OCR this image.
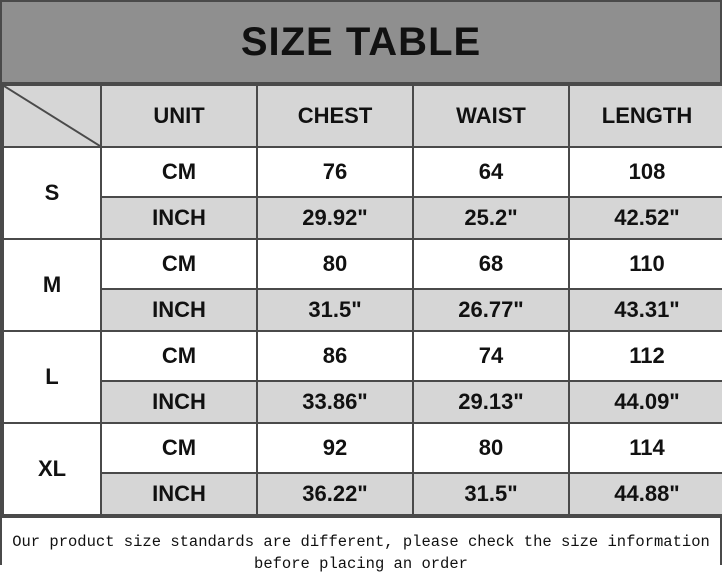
SIZE TABLE
	UNIT	CHEST	WAIST	LENGTH
S	CM	76	64	108
	INCH	29.92"	25.2"	42.52"
M	CM	80	68	110
	INCH	31.5"	26.77"	43.31"
L	CM	86	74	112
	INCH	33.86"	29.13"	44.09"
XL	CM	92	80	114
	INCH	36.22"	31.5"	44.88"
Our product size standards are different, please check the size information
before placing an order
